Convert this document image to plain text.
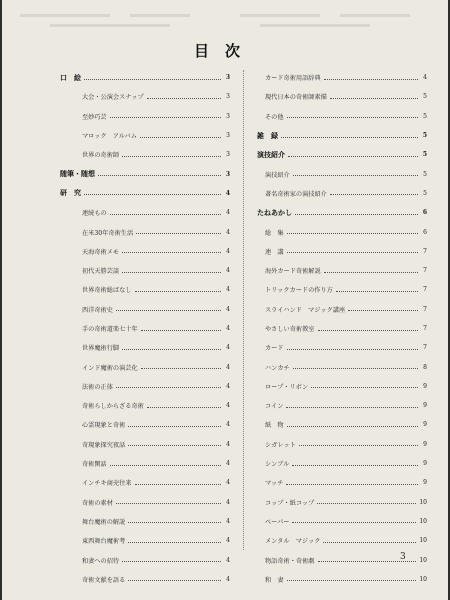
目次
口　絵	3
大会・公演会スナップ	3
至妙巧芸	3
マロック　アルバム	3
世界の奇術師	3
随筆・随想	3
研　究	4
連続もの	4
在米30年奇術生活	4
天海奇術メモ	4
初代天勝芸談	4
世界奇術総ばなし	4
西洋奇術史	4
手の奇術道楽七十年	4
世界魔術行脚	4
インド魔術の演芸化	4
法術の正体	4
奇術らしからざる奇術	4
心霊現象と奇術	4
奇現象探究夜話	4
奇術閑話	4
インチキ商売往来	4
奇術の素材	4
舞台魔術の解説	4
東西舞台魔術考	4
和妻への招待	4
奇術文献を語る	4
カード奇術用語辞典	4
現代日本の奇術師素描	5
その他	5
雑　録	5
演技紹介	5
演技紹介	5
著名奇術家の演技紹介	5
たねあかし	6
総　集	6
連　講	7
海外カード奇術解説	7
トリックカードの作り方	7
スライハンド　マジック講座	7
やさしい奇術教室	7
カード	7
ハンカチ	8
ロープ・リボン	9
コイン	9
紙　物	9
シガレット	9
シンブル	9
マッチ	9
コップ・紙コップ	10
ベーパー	10
メンタル　マジック	10
物語奇術・奇術劇	10
和　妻	10
3
